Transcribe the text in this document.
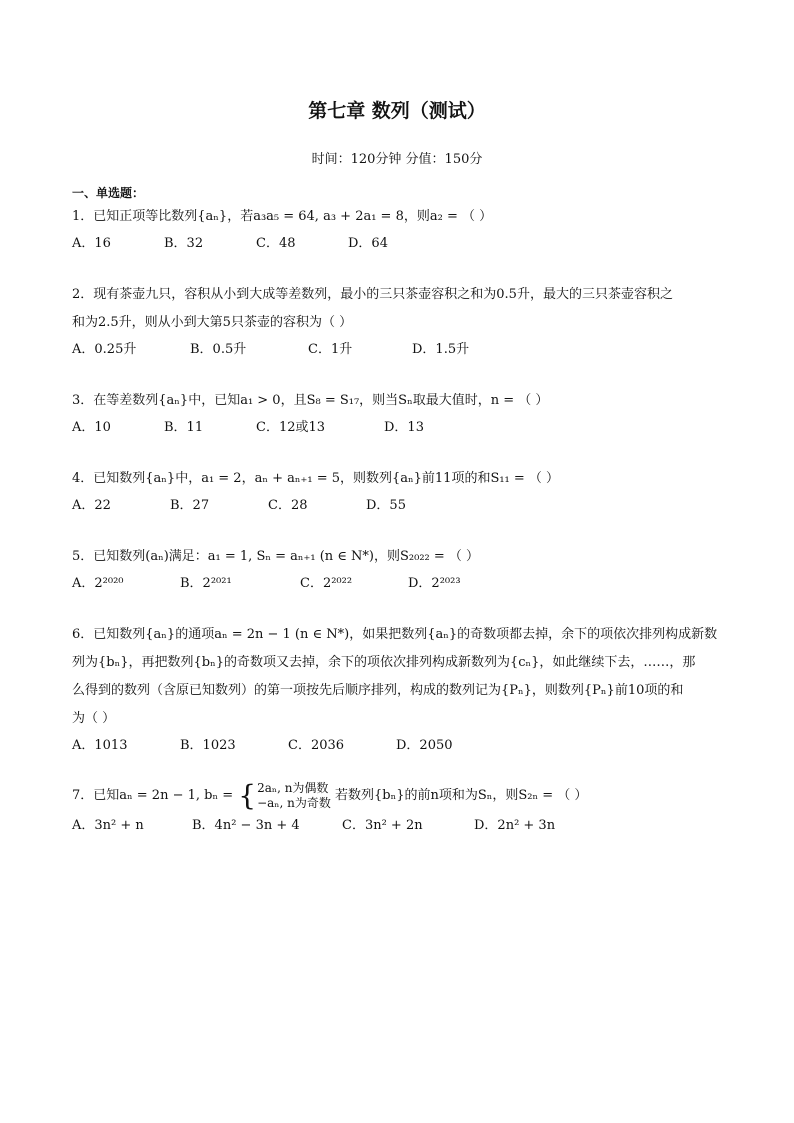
第七章 数列（测试）
时间：120分钟 分值：150分
一、单选题：
1．已知正项等比数列{aₙ}，若a₃a₅ = 64, a₃ + 2a₁ = 8，则a₂ = （ ）
A．16	B．32	C．48	D．64
2．现有茶壶九只，容积从小到大成等差数列，最小的三只茶壶容积之和为0.5升，最大的三只茶壶容积之
和为2.5升，则从小到大第5只茶壶的容积为（ ）
A．0.25升	B．0.5升	C．1升	D．1.5升
3．在等差数列{aₙ}中，已知a₁ > 0，且S₈ = S₁₇，则当Sₙ取最大值时，n = （ ）
A．10	B．11	C．12或13	D．13
4．已知数列{aₙ}中，a₁ = 2，aₙ + aₙ₊₁ = 5，则数列{aₙ}前11项的和S₁₁ = （ ）
A．22	B．27	C．28	D．55
5．已知数列(aₙ)满足：a₁ = 1, Sₙ = aₙ₊₁ (n ∈ N*)，则S₂₀₂₂ = （ ）
A．2²⁰²⁰	B．2²⁰²¹	C．2²⁰²²	D．2²⁰²³
6．已知数列{aₙ}的通项aₙ = 2n − 1 (n ∈ N*)，如果把数列{aₙ}的奇数项都去掉，余下的项依次排列构成新数
列为{bₙ}，再把数列{bₙ}的奇数项又去掉，余下的项依次排列构成新数列为{cₙ}，如此继续下去，……，那
么得到的数列（含原已知数列）的第一项按先后顺序排列，构成的数列记为{Pₙ}，则数列{Pₙ}前10项的和
为（ ）
A．1013	B．1023	C．2036	D．2050
7．已知aₙ = 2n − 1, bₙ = { 2aₙ, n为偶数
−aₙ, n为奇数 若数列{bₙ}的前n项和为Sₙ，则S₂ₙ = （ ）
A．3n² + n	B．4n² − 3n + 4	C．3n² + 2n	D．2n² + 3n
